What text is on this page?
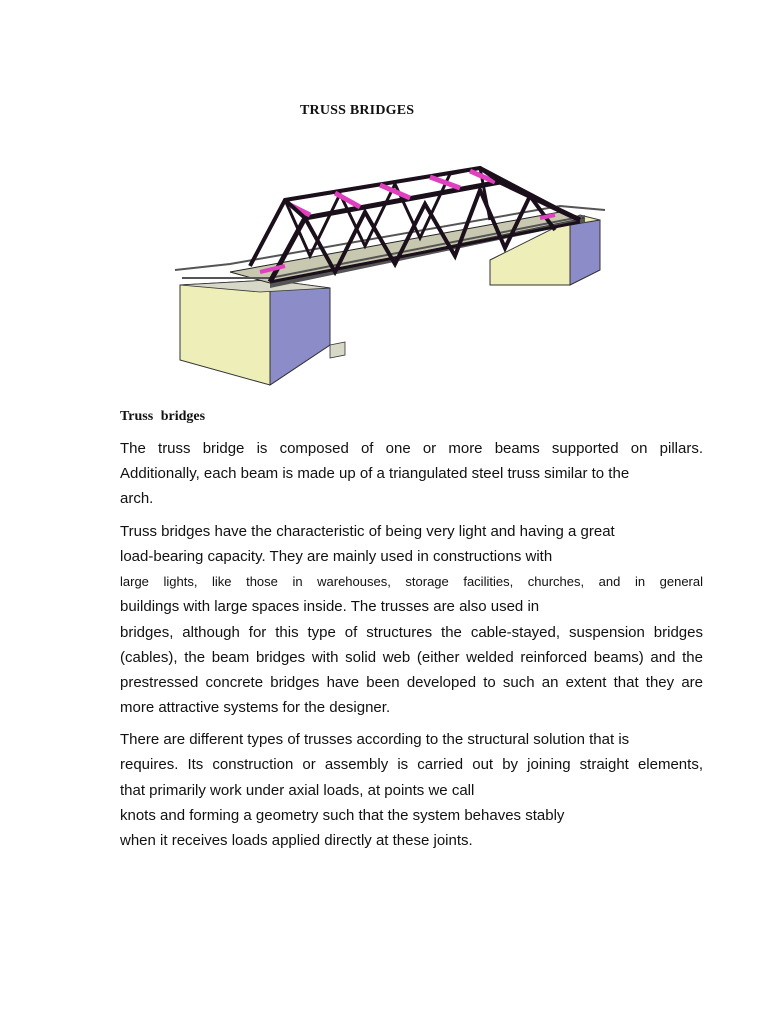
TRUSS BRIDGES
Truss bridges
The truss bridge is composed of one or more beams supported on pillars.
Additionally, each beam is made up of a triangulated steel truss similar to the
arch.
Truss bridges have the characteristic of being very light and having a great
load-bearing capacity. They are mainly used in constructions with
large lights, like those in warehouses, storage facilities, churches, and in general
buildings with large spaces inside. The trusses are also used in
bridges, although for this type of structures the cable-stayed, suspension bridges
(cables), the beam bridges with solid web (either welded reinforced beams) and the
prestressed concrete bridges have been developed to such an extent that they are
more attractive systems for the designer.
There are different types of trusses according to the structural solution that is
requires. Its construction or assembly is carried out by joining straight elements,
that primarily work under axial loads, at points we call
knots and forming a geometry such that the system behaves stably
when it receives loads applied directly at these joints.
